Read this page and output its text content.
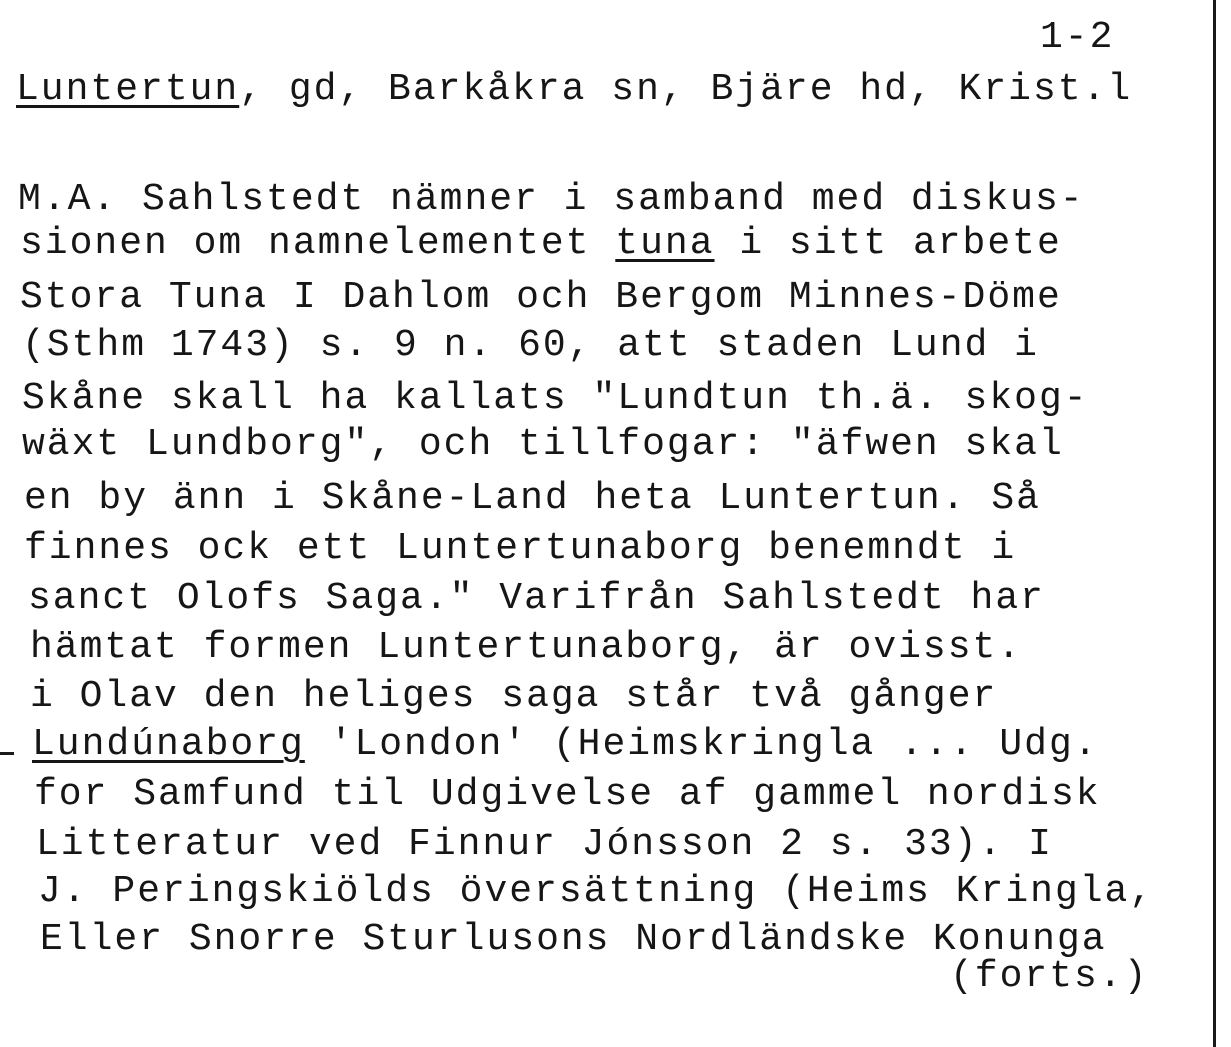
1-2
Luntertun, gd, Barkåkra sn, Bjäre hd, Krist.l
M.A. Sahlstedt nämner i samband med diskus-
sionen om namnelementet tuna i sitt arbete
Stora Tuna I Dahlom och Bergom Minnes-Döme
(Sthm 1743) s. 9 n. 60, att staden Lund i
Skåne skall ha kallats "Lundtun th.ä. skog-
wäxt Lundborg", och tillfogar: "äfwen skal
en by änn i Skåne-Land heta Luntertun. Så
finnes ock ett Luntertunaborg benemndt i
sanct Olofs Saga." Varifrån Sahlstedt har
hämtat formen Luntertunaborg, är ovisst.
i Olav den heliges saga står två gånger
Lundúnaborg 'London' (Heimskringla ... Udg.
for Samfund til Udgivelse af gammel nordisk
Litteratur ved Finnur Jónsson 2 s. 33). I
J. Peringskiölds översättning (Heims Kringla,
Eller Snorre Sturlusons Nordländske Konunga
(forts.)
